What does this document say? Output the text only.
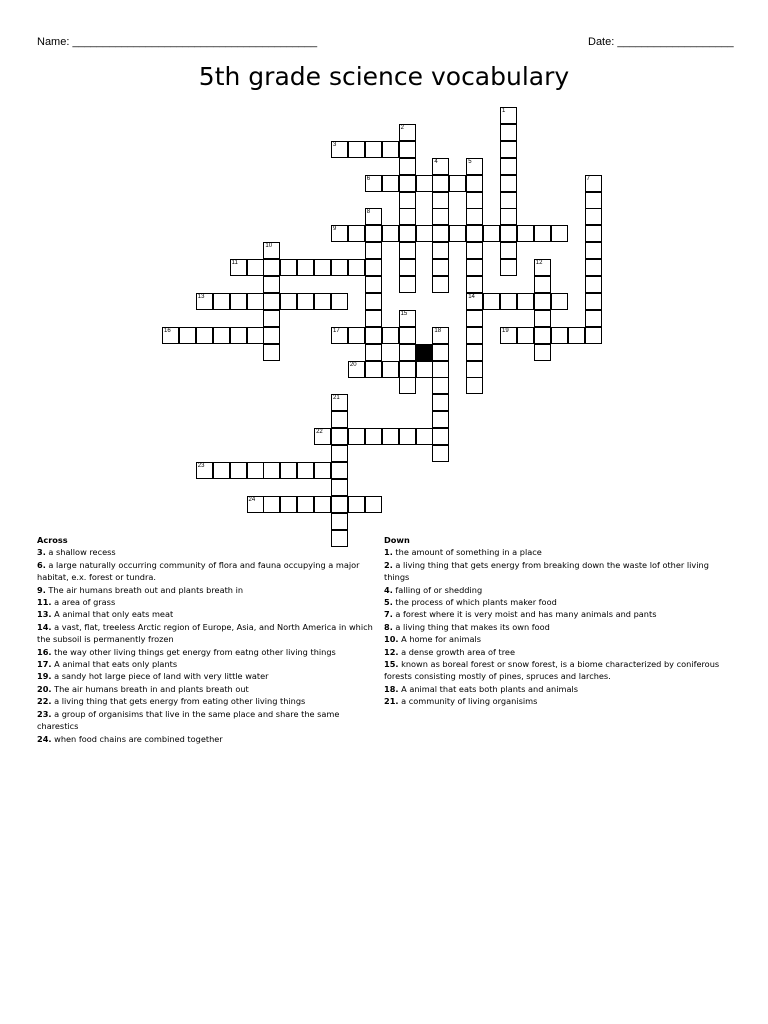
Name: ________________________________________	Date: ___________________
5th grade science vocabulary
1
2
3
4	5
14
6	7
8
9
10
11	12
13
15
16	17	18	19
20
21
22
23
24
Across
3. a shallow recess
6. a large naturally occurring community of flora and fauna occupying a major habitat, e.x. forest or tundra.
9. The air humans breath out and plants breath in
11. a area of grass
13. A animal that only eats meat
14. a vast, flat, treeless Arctic region of Europe, Asia, and North America in which the subsoil is permanently frozen
16. the way other living things get energy from eatng other living things
17. A animal that eats only plants
19. a sandy hot large piece of land with very little water
20. The air humans breath in and plants breath out
22. a living thing that gets energy from eating other living things
23. a group of organisims that live in the same place and share the same charestics
24. when food chains are combined together
Down
1. the amount of something in a place
2. a living thing that gets energy from breaking down the waste lof other living things
4. falling of or shedding
5. the process of which plants maker food
7. a forest where it is very moist and has many animals and pants
8. a living thing that makes its own food
10. A home for animals
12. a dense growth area of tree
15. known as boreal forest or snow forest, is a biome characterized by coniferous forests consisting mostly of pines, spruces and larches.
18. A animal that eats both plants and animals
21. a community of living organisims
